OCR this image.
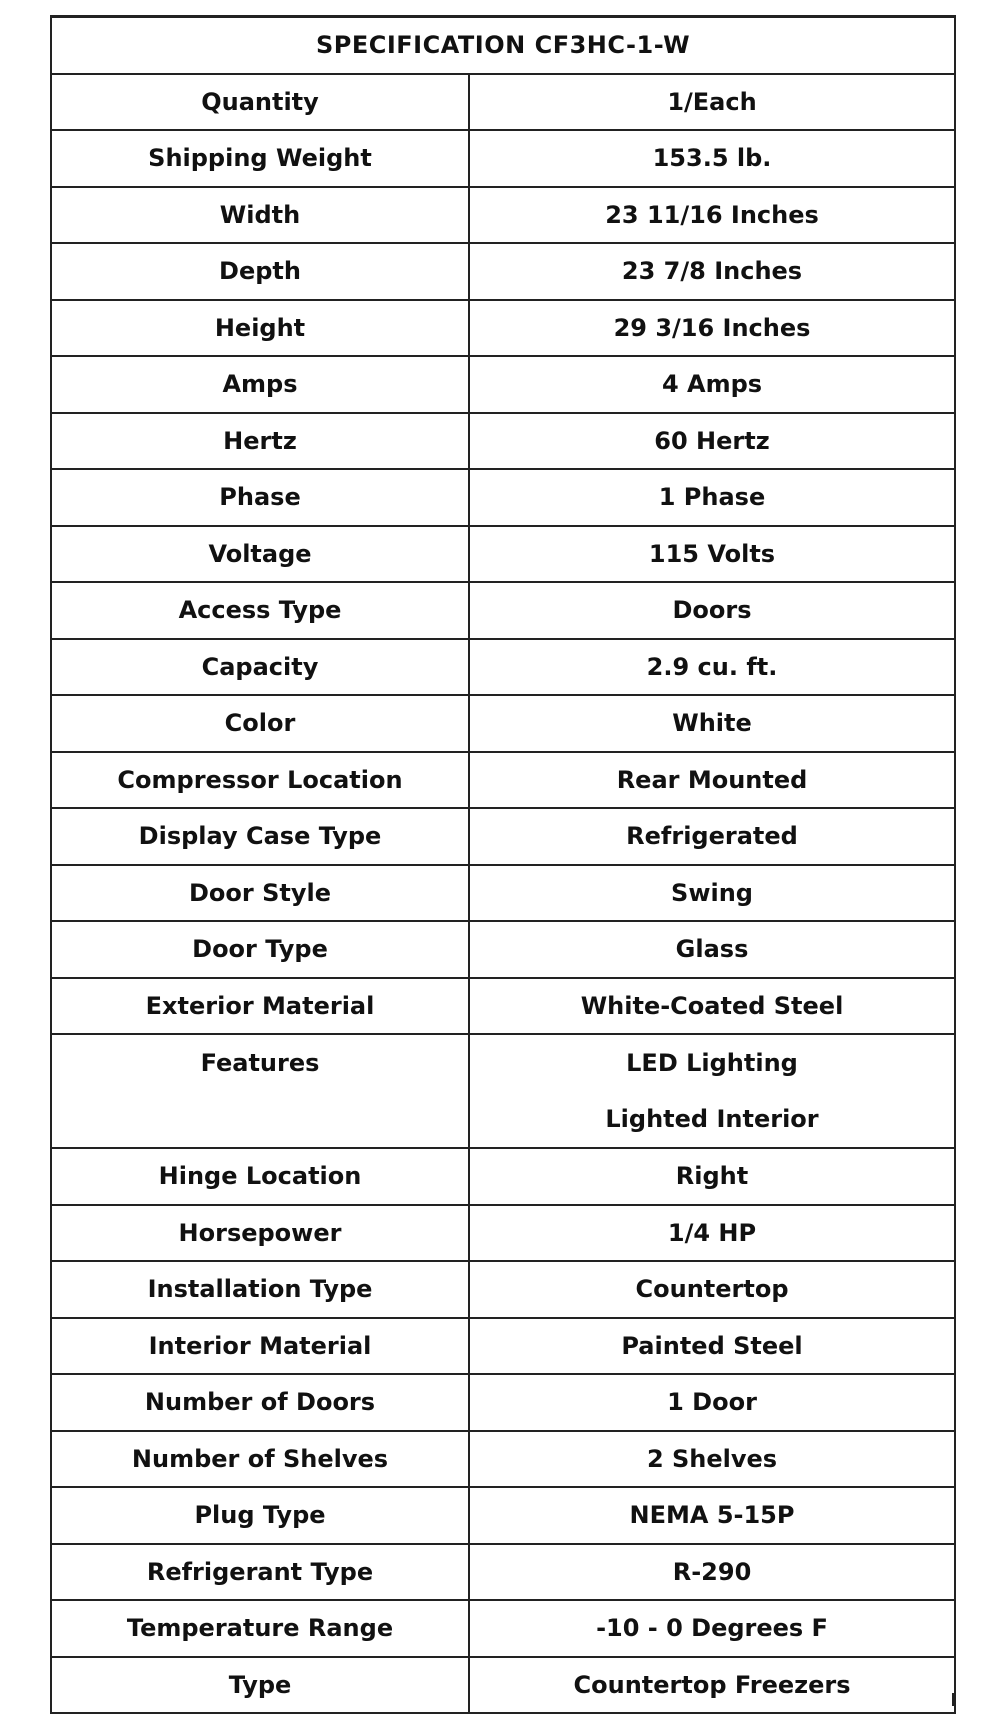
SPECIFICATION CF3HC-1-W	
Quantity	1/Each
Shipping Weight	153.5 lb.
Width	23 11/16 Inches
Depth	23 7/8 Inches
Height	29 3/16 Inches
Amps	4 Amps
Hertz	60 Hertz
Phase	1 Phase
Voltage	115 Volts
Access Type	Doors
Capacity	2.9 cu. ft.
Color	White
Compressor Location	Rear Mounted
Display Case Type	Refrigerated
Door Style	Swing
Door Type	Glass
Exterior Material	White-Coated Steel

Features	LED Lighting
Lighted Interior

Hinge Location	Right
Horsepower	1/4 HP
Installation Type	Countertop
Interior Material	Painted Steel
Number of Doors	1 Door
Number of Shelves	2 Shelves
Plug Type	NEMA 5-15P
Refrigerant Type	R-290
Temperature Range	-10 - 0 Degrees F
Type	Countertop Freezers
